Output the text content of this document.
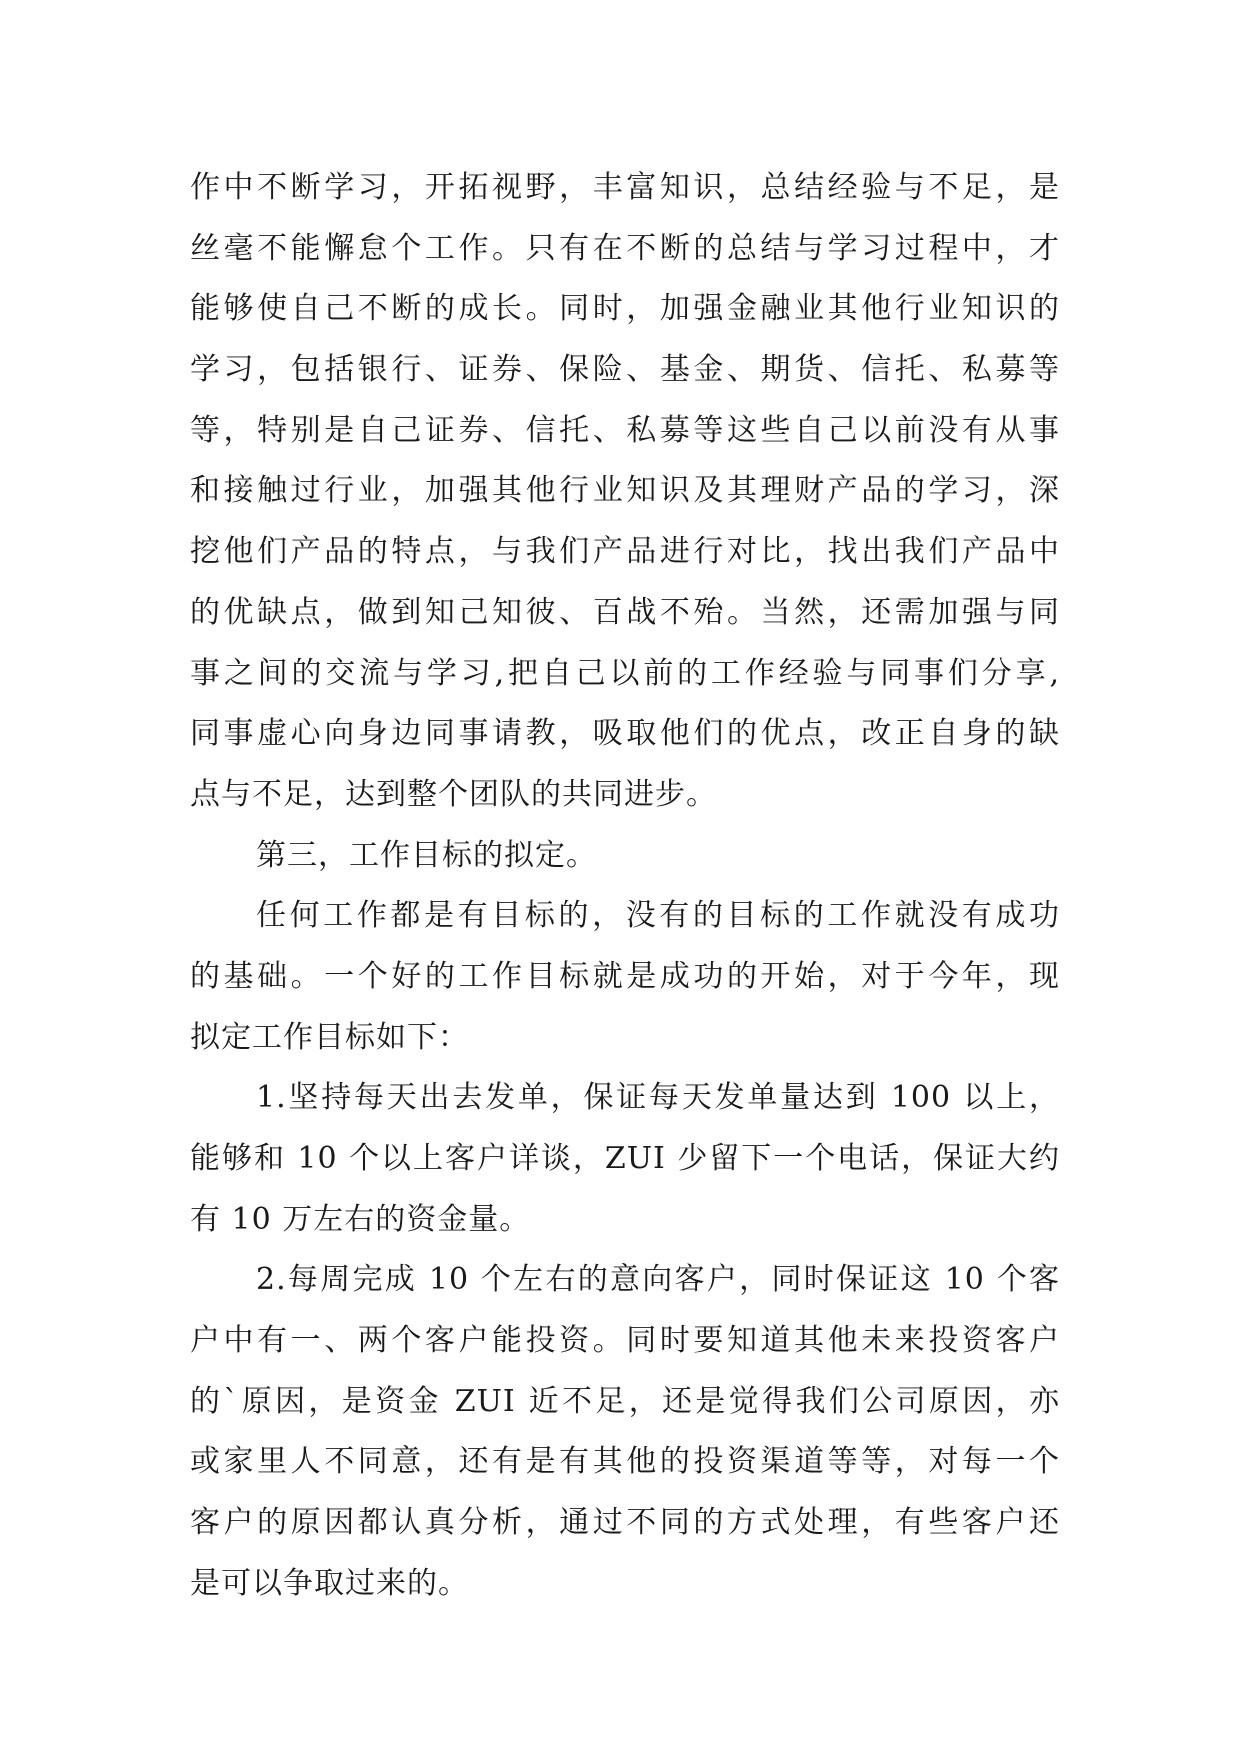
作中不断学习，开拓视野，丰富知识，总结经验与不足，是
丝毫不能懈怠个工作。只有在不断的总结与学习过程中，才
能够使自己不断的成长。同时，加强金融业其他行业知识的
学习，包括银行、证券、保险、基金、期货、信托、私募等
等，特别是自己证券、信托、私募等这些自己以前没有从事
和接触过行业，加强其他行业知识及其理财产品的学习，深
挖他们产品的特点，与我们产品进行对比，找出我们产品中
的优缺点，做到知己知彼、百战不殆。当然，还需加强与同
事之间的交流与学习,把自己以前的工作经验与同事们分享,
同事虚心向身边同事请教，吸取他们的优点，改正自身的缺
点与不足，达到整个团队的共同进步。
第三，工作目标的拟定。
任何工作都是有目标的，没有的目标的工作就没有成功
的基础。一个好的工作目标就是成功的开始，对于今年，现
拟定工作目标如下：
1.坚持每天出去发单，保证每天发单量达到 100 以上，
能够和 10 个以上客户详谈，ZUI 少留下一个电话，保证大约
有 10 万左右的资金量。
2.每周完成 10 个左右的意向客户，同时保证这 10 个客
户中有一、两个客户能投资。同时要知道其他未来投资客户
的`原因，是资金 ZUI 近不足，还是觉得我们公司原因，亦
或家里人不同意，还有是有其他的投资渠道等等，对每一个
客户的原因都认真分析，通过不同的方式处理，有些客户还
是可以争取过来的。
